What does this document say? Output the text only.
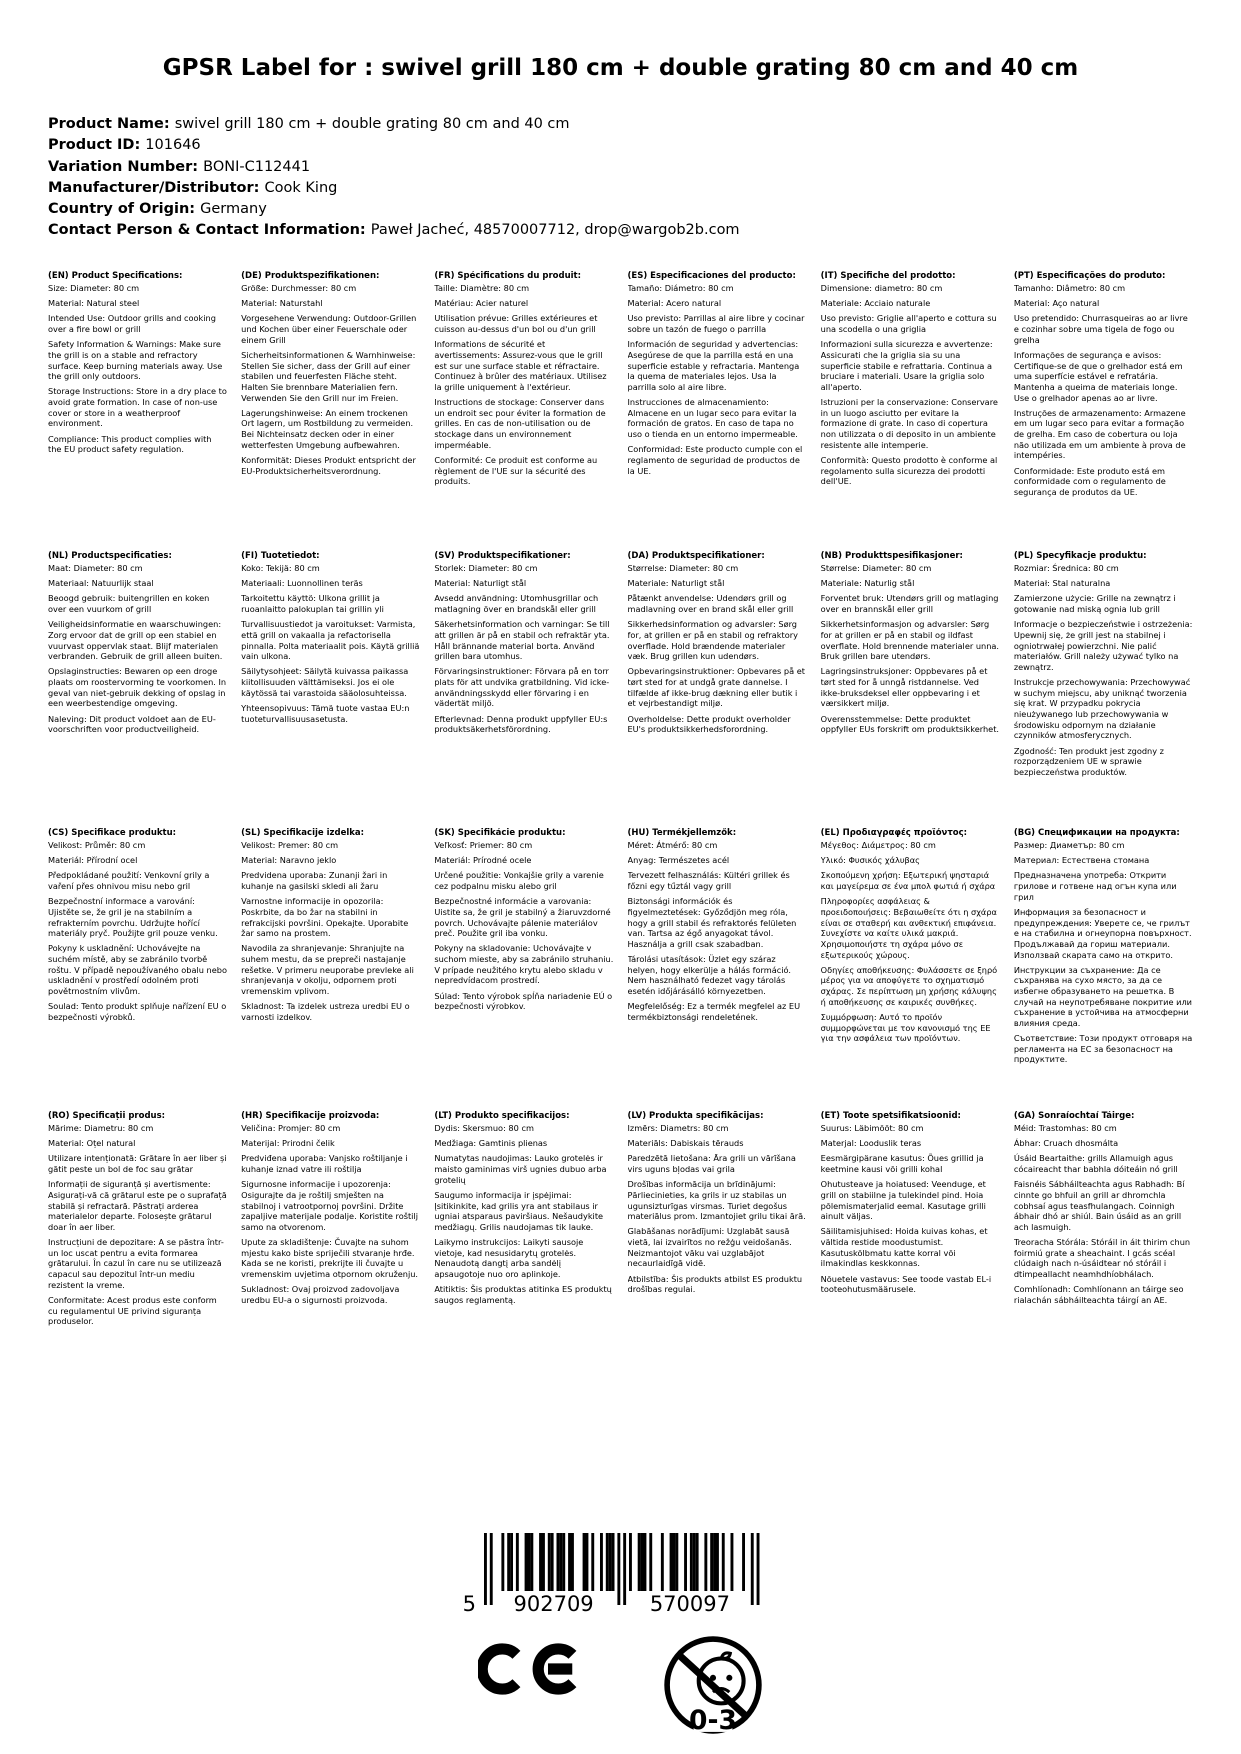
GPSR Label for : swivel grill 180 cm + double grating 80 cm and 40 cm
Product Name: swivel grill 180 cm + double grating 80 cm and 40 cm
Product ID: 101646
Variation Number: BONI-C112441
Manufacturer/Distributor: Cook King
Country of Origin: Germany
Contact Person & Contact Information: Paweł Jacheć, 48570007712, drop@wargob2b.com
(EN) Product Specifications:

Size: Diameter: 80 cm

Material: Natural steel

Intended Use: Outdoor grills and cooking over a fire bowl or grill

Safety Information & Warnings: Make sure the grill is on a stable and refractory surface. Keep burning materials away. Use the grill only outdoors.

Storage Instructions: Store in a dry place to avoid grate formation. In case of non-use cover or store in a weatherproof environment.

Compliance: This product complies with the EU product safety regulation.

(DE) Produktspezifikationen:

Größe: Durchmesser: 80 cm

Material: Naturstahl

Vorgesehene Verwendung: Outdoor-Grillen und Kochen über einer Feuerschale oder einem Grill

Sicherheitsinformationen & Warnhinweise: Stellen Sie sicher, dass der Grill auf einer stabilen und feuerfesten Fläche steht. Halten Sie brennbare Materialien fern. Verwenden Sie den Grill nur im Freien.

Lagerungshinweise: An einem trockenen Ort lagern, um Rostbildung zu vermeiden. Bei Nichteinsatz decken oder in einer wetterfesten Umgebung aufbewahren.

Konformität: Dieses Produkt entspricht der EU-Produktsicherheitsverordnung.

(FR) Spécifications du produit:

Taille: Diamètre: 80 cm

Matériau: Acier naturel

Utilisation prévue: Grilles extérieures et cuisson au-dessus d'un bol ou d'un grill

Informations de sécurité et avertissements: Assurez-vous que le grill est sur une surface stable et réfractaire. Continuez à brûler des matériaux. Utilisez la grille uniquement à l'extérieur.

Instructions de stockage: Conserver dans un endroit sec pour éviter la formation de grilles. En cas de non-utilisation ou de stockage dans un environnement imperméable.

Conformité: Ce produit est conforme au règlement de l'UE sur la sécurité des produits.

(ES) Especificaciones del producto:

Tamaño: Diámetro: 80 cm

Material: Acero natural

Uso previsto: Parrillas al aire libre y cocinar sobre un tazón de fuego o parrilla

Información de seguridad y advertencias: Asegúrese de que la parrilla está en una superficie estable y refractaria. Mantenga la quema de materiales lejos. Usa la parrilla solo al aire libre.

Instrucciones de almacenamiento: Almacene en un lugar seco para evitar la formación de gratos. En caso de tapa no uso o tienda en un entorno impermeable.

Conformidad: Este producto cumple con el reglamento de seguridad de productos de la UE.

(IT) Specifiche del prodotto:

Dimensione: diametro: 80 cm

Materiale: Acciaio naturale

Uso previsto: Griglie all'aperto e cottura su una scodella o una griglia

Informazioni sulla sicurezza e avvertenze: Assicurati che la griglia sia su una superficie stabile e refrattaria. Continua a bruciare i materiali. Usare la griglia solo all'aperto.

Istruzioni per la conservazione: Conservare in un luogo asciutto per evitare la formazione di grate. In caso di copertura non utilizzata o di deposito in un ambiente resistente alle intemperie.

Conformità: Questo prodotto è conforme al regolamento sulla sicurezza dei prodotti dell'UE.

(PT) Especificações do produto:

Tamanho: Diâmetro: 80 cm

Material: Aço natural

Uso pretendido: Churrasqueiras ao ar livre e cozinhar sobre uma tigela de fogo ou grelha

Informações de segurança e avisos: Certifique-se de que o grelhador está em uma superfície estável e refratária. Mantenha a queima de materiais longe. Use o grelhador apenas ao ar livre.

Instruções de armazenamento: Armazene em um lugar seco para evitar a formação de grelha. Em caso de cobertura ou loja não utilizada em um ambiente à prova de intempéries.

Conformidade: Este produto está em conformidade com o regulamento de segurança de produtos da UE.

(NL) Productspecificaties:

Maat: Diameter: 80 cm

Materiaal: Natuurlijk staal

Beoogd gebruik: buitengrillen en koken over een vuurkom of grill

Veiligheidsinformatie en waarschuwingen: Zorg ervoor dat de grill op een stabiel en vuurvast oppervlak staat. Blijf materialen verbranden. Gebruik de grill alleen buiten.

Opslaginstructies: Bewaren op een droge plaats om roostervorming te voorkomen. In geval van niet-gebruik dekking of opslag in een weerbestendige omgeving.

Naleving: Dit product voldoet aan de EU-voorschriften voor productveiligheid.

(FI) Tuotetiedot:

Koko: Tekijä: 80 cm

Materiaali: Luonnollinen teräs

Tarkoitettu käyttö: Ulkona grillit ja ruoanlaitto palokuplan tai grillin yli

Turvallisuustiedot ja varoitukset: Varmista, että grill on vakaalla ja refactorisella pinnalla. Polta materiaalit pois. Käytä grilliä vain ulkona.

Säilytysohjeet: Säilytä kuivassa paikassa kiitollisuuden välttämiseksi. Jos ei ole käytössä tai varastoida sääolosuhteissa.

Yhteensopivuus: Tämä tuote vastaa EU:n tuoteturvallisuusasetusta.

(SV) Produktspecifikationer:

Storlek: Diameter: 80 cm

Material: Naturligt stål

Avsedd användning: Utomhusgrillar och matlagning över en brandskål eller grill

Säkerhetsinformation och varningar: Se till att grillen är på en stabil och refraktär yta. Håll brännande material borta. Använd grillen bara utomhus.

Förvaringsinstruktioner: Förvara på en torr plats för att undvika gratbildning. Vid icke-användningsskydd eller förvaring i en vädertät miljö.

Efterlevnad: Denna produkt uppfyller EU:s produktsäkerhetsförordning.

(DA) Produktspecifikationer:

Størrelse: Diameter: 80 cm

Materiale: Naturligt stål

Påtænkt anvendelse: Udendørs grill og madlavning over en brand skål eller grill

Sikkerhedsinformation og advarsler: Sørg for, at grillen er på en stabil og refraktory overflade. Hold brændende materialer væk. Brug grillen kun udendørs.

Opbevaringsinstruktioner: Opbevares på et tørt sted for at undgå grate dannelse. I tilfælde af ikke-brug dækning eller butik i et vejrbestandigt miljø.

Overholdelse: Dette produkt overholder EU's produktsikkerhedsforordning.

(NB) Produkttspesifikasjoner:

Størrelse: Diameter: 80 cm

Materiale: Naturlig stål

Forventet bruk: Utendørs grill og matlaging over en brannskål eller grill

Sikkerhetsinformasjon og advarsler: Sørg for at grillen er på en stabil og ildfast overflate. Hold brennende materialer unna. Bruk grillen bare utendørs.

Lagringsinstruksjoner: Oppbevares på et tørt sted for å unngå ristdannelse. Ved ikke-bruksdeksel eller oppbevaring i et værsikkert miljø.

Overensstemmelse: Dette produktet oppfyller EUs forskrift om produktsikkerhet.

(PL) Specyfikacje produktu:

Rozmiar: Średnica: 80 cm

Materiał: Stal naturalna

Zamierzone użycie: Grille na zewnątrz i gotowanie nad miską ognia lub grill

Informacje o bezpieczeństwie i ostrzeżenia: Upewnij się, że grill jest na stabilnej i ogniotrwałej powierzchni. Nie palić materiałów. Grill należy używać tylko na zewnątrz.

Instrukcje przechowywania: Przechowywać w suchym miejscu, aby uniknąć tworzenia się krat. W przypadku pokrycia nieużywanego lub przechowywania w środowisku odpornym na działanie czynników atmosferycznych.

Zgodność: Ten produkt jest zgodny z rozporządzeniem UE w sprawie bezpieczeństwa produktów.

(CS) Specifikace produktu:

Velikost: Průměr: 80 cm

Materiál: Přírodní ocel

Předpokládané použití: Venkovní grily a vaření přes ohnivou misu nebo gril

Bezpečnostní informace a varování: Ujistěte se, že gril je na stabilním a refrakterním povrchu. Udržujte hořící materiály pryč. Použijte gril pouze venku.

Pokyny k uskladnění: Uchovávejte na suchém místě, aby se zabránilo tvorbě roštu. V případě nepoužívaného obalu nebo uskladnění v prostředí odolném proti povětrnostním vlivům.

Soulad: Tento produkt splňuje nařízení EU o bezpečnosti výrobků.

(SL) Specifikacije izdelka:

Velikost: Premer: 80 cm

Material: Naravno jeklo

Predvidena uporaba: Zunanji žari in kuhanje na gasilski skledi ali žaru

Varnostne informacije in opozorila: Poskrbite, da bo žar na stabilni in refrakcijski površini. Opekajte. Uporabite žar samo na prostem.

Navodila za shranjevanje: Shranjujte na suhem mestu, da se prepreči nastajanje rešetke. V primeru neuporabe prevleke ali shranjevanja v okolju, odpornem proti vremenskim vplivom.

Skladnost: Ta izdelek ustreza uredbi EU o varnosti izdelkov.

(SK) Špecifikácie produktu:

Veľkosť: Priemer: 80 cm

Materiál: Prírodné ocele

Určené použitie: Vonkajšie grily a varenie cez podpalnu misku alebo gril

Bezpečnostné informácie a varovania: Uistite sa, že gril je stabilný a žiaruvzdorné povrch. Uchovávajte pálenie materiálov preč. Použite gril iba vonku.

Pokyny na skladovanie: Uchovávajte v suchom mieste, aby sa zabránilo struhaniu. V prípade neužitého krytu alebo skladu v nepredvídacom prostredí.

Súlad: Tento výrobok spĺňa nariadenie EÚ o bezpečnosti výrobkov.

(HU) Termékjellemzők:

Méret: Átmérő: 80 cm

Anyag: Természetes acél

Tervezett felhasználás: Kültéri grillek és főzni egy tűztál vagy grill

Biztonsági információk és figyelmeztetések: Győződjön meg róla, hogy a grill stabil és refraktorés felületen van. Tartsa az égő anyagokat távol. Használja a grill csak szabadban.

Tárolási utasítások: Üzlet egy száraz helyen, hogy elkerülje a hálás formáció. Nem használható fedezet vagy tárolás esetén időjárásálló környezetben.

Megfelelőség: Ez a termék megfelel az EU termékbiztonsági rendeletének.

(EL) Προδιαγραφές προϊόντος:

Μέγεθος: Διάμετρος: 80 cm

Υλικό: Φυσικός χάλυβας

Σκοπούμενη χρήση: Εξωτερική ψησταριά και μαγείρεμα σε ένα μπολ φωτιά ή σχάρα

Πληροφορίες ασφάλειας & προειδοποιήσεις: Βεβαιωθείτε ότι η σχάρα είναι σε σταθερή και ανθεκτική επιφάνεια. Συνεχίστε να καίτε υλικά μακριά. Χρησιμοποιήστε τη σχάρα μόνο σε εξωτερικούς χώρους.

Οδηγίες αποθήκευσης: Φυλάσσετε σε ξηρό μέρος για να αποφύγετε το σχηματισμό σχάρας. Σε περίπτωση μη χρήσης κάλυψης ή αποθήκευσης σε καιρικές συνθήκες.

Συμμόρφωση: Αυτό το προϊόν συμμορφώνεται με τον κανονισμό της ΕΕ για την ασφάλεια των προϊόντων.

(BG) Спецификации на продукта:

Размер: Диаметър: 80 cm

Материал: Естествена стомана

Предназначена употреба: Открити грилове и готвене над огън купа или грил

Информация за безопасност и предупреждения: Уверете се, че грилът е на стабилна и огнеупорна повърхност. Продължавай да гориш материали. Използвай скарата само на открито.

Инструкции за съхранение: Да се съхранява на сухо място, за да се избегне образуването на решетка. В случай на неупотребяване покритие или съхранение в устойчива на атмосферни влияния среда.

Съответствие: Този продукт отговаря на регламента на ЕС за безопасност на продуктите.

(RO) Specificații produs:

Mărime: Diametru: 80 cm

Material: Oțel natural

Utilizare intenționată: Grătare în aer liber și gătit peste un bol de foc sau grătar

Informații de siguranță și avertismente: Asigurați-vă că grătarul este pe o suprafață stabilă și refractară. Păstrați arderea materialelor departe. Folosește grătarul doar în aer liber.

Instrucțiuni de depozitare: A se păstra într-un loc uscat pentru a evita formarea grătarului. În cazul în care nu se utilizează capacul sau depozitul într-un mediu rezistent la vreme.

Conformitate: Acest produs este conform cu regulamentul UE privind siguranța produselor.

(HR) Specifikacije proizvoda:

Veličina: Promjer: 80 cm

Materijal: Prirodni čelik

Predviđena uporaba: Vanjsko roštiljanje i kuhanje iznad vatre ili roštilja

Sigurnosne informacije i upozorenja: Osigurajte da je roštilj smješten na stabilnoj i vatrootpornoj površini. Držite zapaljive materijale podalje. Koristite roštilj samo na otvorenom.

Upute za skladištenje: Čuvajte na suhom mjestu kako biste spriječili stvaranje hrđe. Kada se ne koristi, prekrijte ili čuvajte u vremenskim uvjetima otpornom okruženju.

Sukladnost: Ovaj proizvod zadovoljava uredbu EU-a o sigurnosti proizvoda.

(LT) Produkto specifikacijos:

Dydis: Skersmuo: 80 cm

Medžiaga: Gamtinis plienas

Numatytas naudojimas: Lauko grotelės ir maisto gaminimas virš ugnies dubuo arba grotelių

Saugumo informacija ir įspėjimai: Įsitikinkite, kad grilis yra ant stabilaus ir ugniai atsparaus paviršiaus. Nešaudykite medžiagų. Grilis naudojamas tik lauke.

Laikymo instrukcijos: Laikyti sausoje vietoje, kad nesusidarytų grotelės. Nenaudotą dangtį arba sandėlį apsaugotoje nuo oro aplinkoje.

Atitiktis: Šis produktas atitinka ES produktų saugos reglamentą.

(LV) Produkta specifikācijas:

Izmērs: Diametrs: 80 cm

Materiāls: Dabiskais tērauds

Paredzētā lietošana: Āra grili un vārīšana virs uguns bļodas vai grila

Drošības informācija un brīdinājumi: Pārliecinieties, ka grils ir uz stabilas un ugunsizturīgas virsmas. Turiet degošus materiālus prom. Izmantojiet grilu tikai ārā.

Glabāšanas norādījumi: Uzglabāt sausā vietā, lai izvairītos no režģu veidošanās. Neizmantojot vāku vai uzglabājot necaurlaidīgā vidē.

Atbilstība: Šis produkts atbilst ES produktu drošības regulai.

(ET) Toote spetsifikatsioonid:

Suurus: Läbimõõt: 80 cm

Materjal: Looduslik teras

Eesmärgipärane kasutus: Õues grillid ja keetmine kausi või grilli kohal

Ohutusteave ja hoiatused: Veenduge, et grill on stabiilne ja tulekindel pind. Hoia põlemismaterjalid eemal. Kasutage grilli ainult väljas.

Säilitamisjuhised: Hoida kuivas kohas, et vältida restide moodustumist. Kasutuskõlbmatu katte korral või ilmakindlas keskkonnas.

Nõuetele vastavus: See toode vastab EL-i tooteohutusmäärusele.

(GA) Sonraíochtaí Táirge:

Méid: Trastomhas: 80 cm

Ábhar: Cruach dhosmálta

Úsáid Beartaithe: grills Allamuigh agus cócaireacht thar babhla dóiteáin nó grill

Faisnéis Sábháilteachta agus Rabhadh: Bí cinnte go bhfuil an grill ar dhromchla cobhsaí agus teasfhulangach. Coinnigh ábhair dhó ar shiúl. Bain úsáid as an grill ach lasmuigh.

Treoracha Stórála: Stóráil in áit thirim chun foirmiú grate a sheachaint. I gcás scéal clúdaigh nach n-úsáidtear nó stóráil i dtimpeallacht neamhdhíobhálach.

Comhlíonadh: Comhlíonann an táirge seo rialachán sábháilteachta táirgí an AE.

5 902709	570097
0-3
